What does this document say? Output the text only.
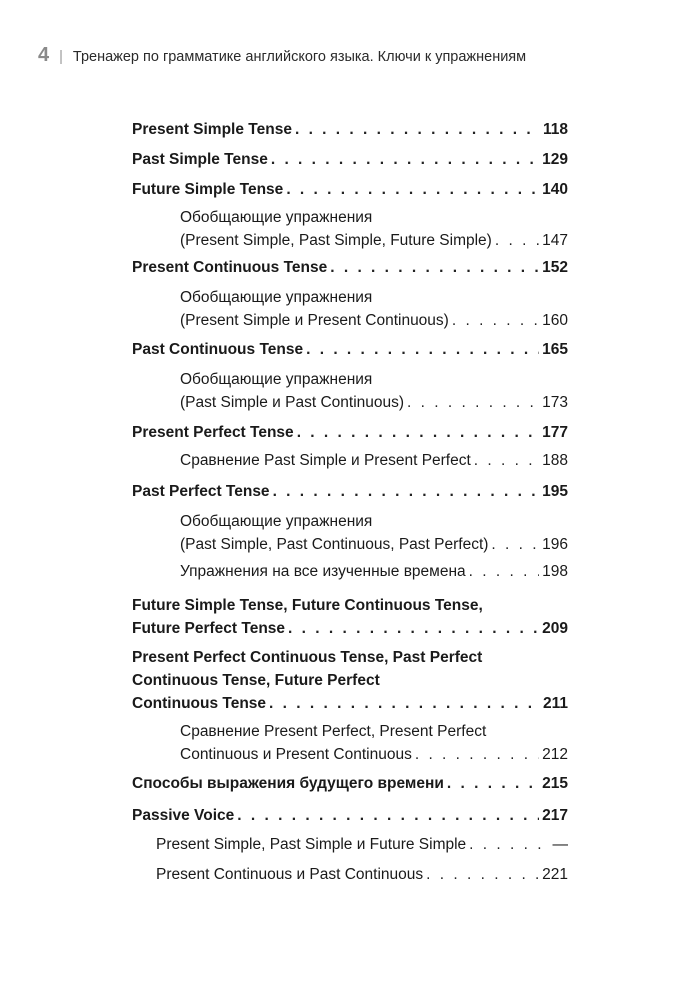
4 | Тренажер по грамматике английского языка. Ключи к упражнениям
Present Simple Tense . . .	118
Past Simple Tense . . .	129
Future Simple Tense . . .	140
Обобщающие упражнения
(Present Simple, Past Simple, Future Simple) . . .	147
Present Continuous Tense . . .	152
Обобщающие упражнения
(Present Simple и Present Continuous) . . .	160
Past Continuous Tense . . .	165
Обобщающие упражнения
(Past Simple и Past Continuous) . . .	173
Present Perfect Tense . . .	177
Сравнение Past Simple и Present Perfect . . .	188
Past Perfect Tense . . .	195
Обобщающие упражнения
(Past Simple, Past Continuous, Past Perfect) . . .	196
Упражнения на все изученные времена . . .	198
Future Simple Tense, Future Continuous Tense,
Future Perfect Tense . . .	209
Present Perfect Continuous Tense, Past Perfect
Continuous Tense, Future Perfect
Continuous Tense . . .	211
Сравнение Present Perfect, Present Perfect
Continuous и Present Continuous . . .	212
Способы выражения будущего времени . . .	215
Passive Voice . . .	217
Present Simple, Past Simple и Future Simple . . .	—
Present Continuous и Past Continuous . . .	221
